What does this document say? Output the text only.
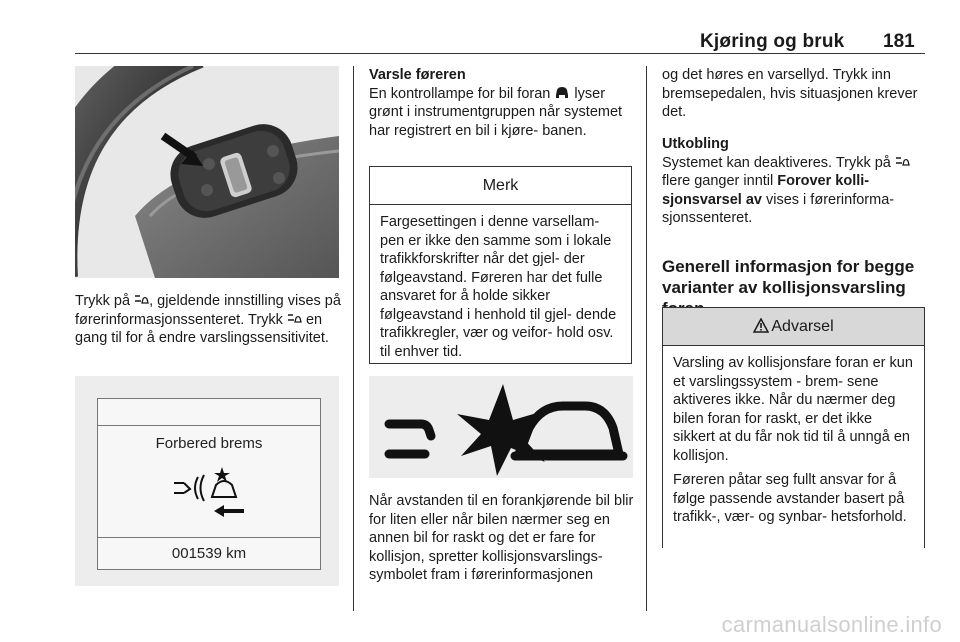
Kjøring og bruk 181
Trykk på , gjeldende innstilling vises på førerinformasjonssenteret. Trykk  en gang til for å endre varslingssensitivitet.
Forbered brems
001539 km
Varsle føreren
En kontrollampe for bil foran  lyser grønt i instrumentgruppen når systemet har registrert en bil i kjøre- banen.
Merk
Fargesettingen i denne varsellam- pen er ikke den samme som i lokale trafikkforskrifter når det gjel- der følgeavstand. Føreren har det fulle ansvaret for å holde sikker følgeavstand i henhold til gjel- dende trafikkregler, vær og veifor- hold osv. til enhver tid.
Når avstanden til en forankjørende bil blir for liten eller når bilen nærmer seg en annen bil for raskt og det er fare for kollisjon, spretter kollisjonsvarslings- symbolet fram i førerinformasjonen
og det høres en varsellyd. Trykk inn bremsepedalen, hvis situasjonen krever det.
Utkobling
Systemet kan deaktiveres. Trykk på  flere ganger inntil Forover kolli- sjonsvarsel av vises i førerinforma- sjonssenteret.
Generell informasjon for begge varianter av kollisjonsvarsling
Advarsel

Varsling av kollisjonsfare foran er kun et varslingssystem - brem- sene aktiveres ikke. Når du nærmer deg bilen foran for raskt, er det ikke sikkert at du får nok tid til å unngå en kollisjon.

Føreren påtar seg fullt ansvar for å følge passende avstander basert på trafikk-, vær- og synbar- hetsforhold.

carmanualsonline.info
